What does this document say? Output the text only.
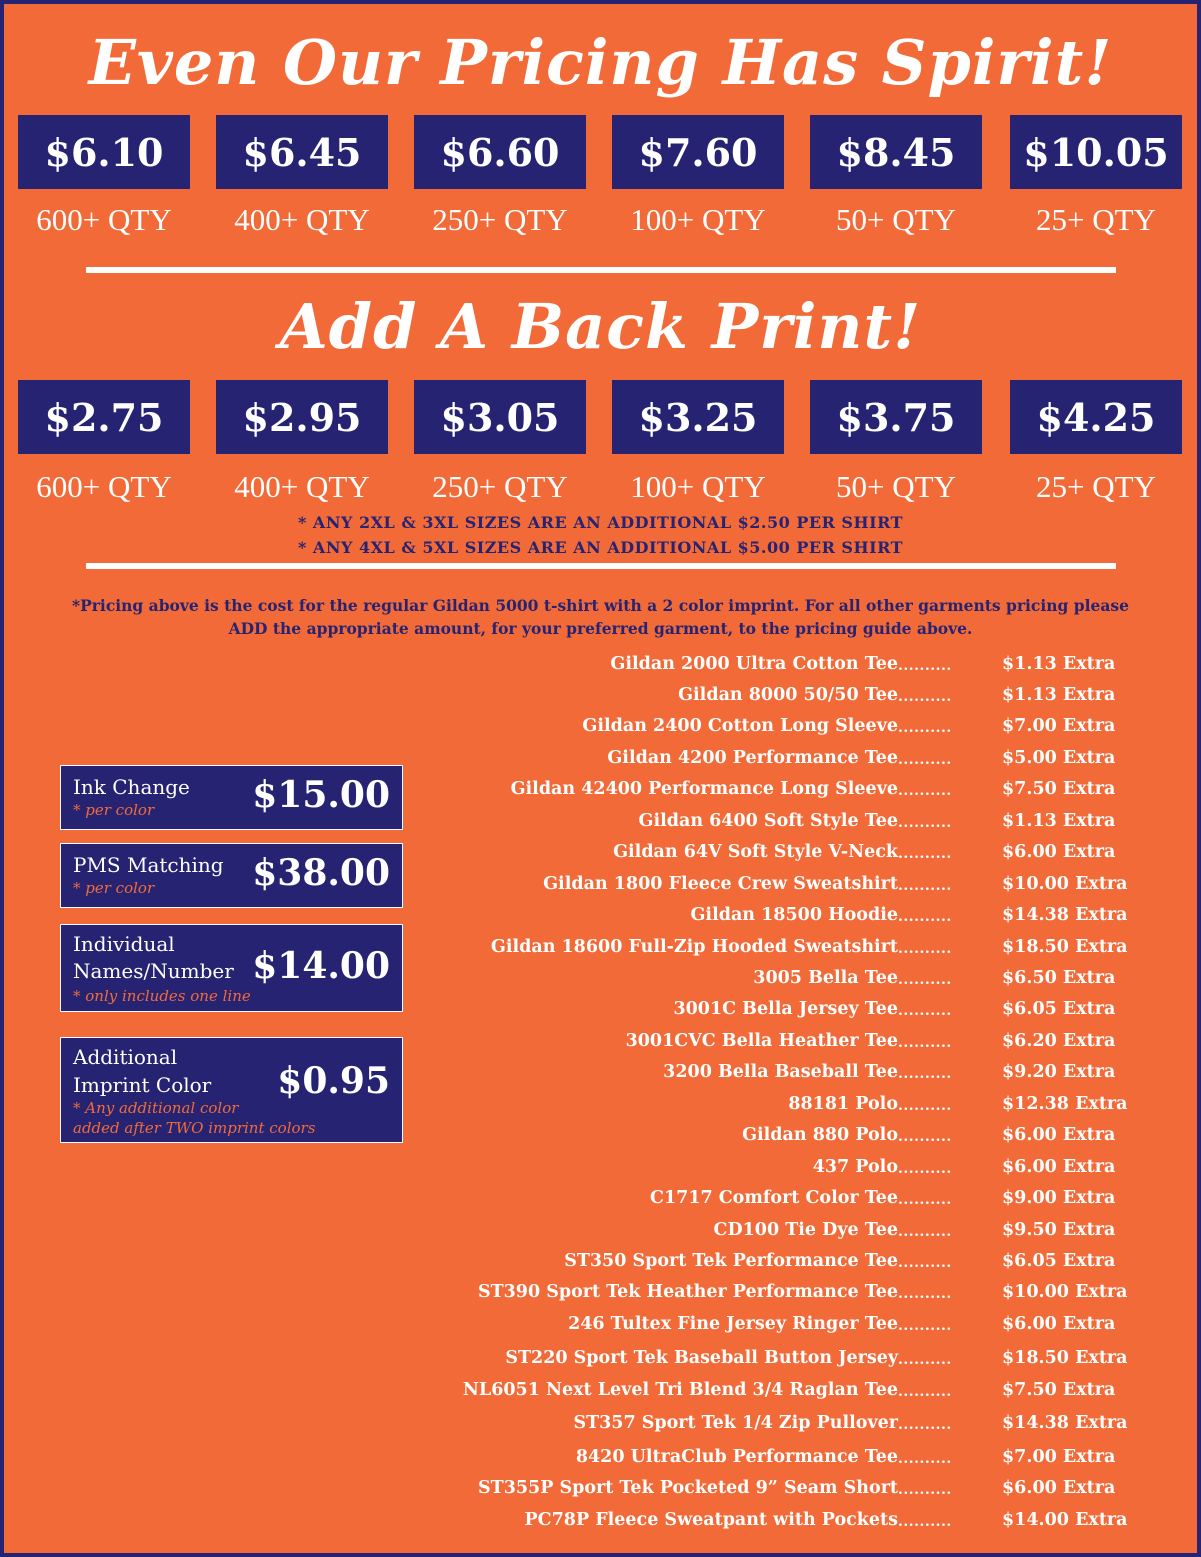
Even Our Pricing Has Spirit!
$6.10	$6.45	$6.60	$7.60	$8.45	$10.05
600+ QTY	400+ QTY	250+ QTY	100+ QTY	50+ QTY	25+ QTY
Add A Back Print!
$2.75	$2.95	$3.05	$3.25	$3.75	$4.25
600+ QTY	400+ QTY	250+ QTY	100+ QTY	50+ QTY	25+ QTY
* ANY 2XL & 3XL SIZES ARE AN ADDITIONAL $2.50 PER SHIRT
* ANY 4XL & 5XL SIZES ARE AN ADDITIONAL $5.00 PER SHIRT
*Pricing above is the cost for the regular Gildan 5000 t-shirt with a 2 color imprint. For all other garments pricing please ADD the appropriate amount, for your preferred garment, to the pricing guide above.
Ink Change
* per color	$15.00
PMS Matching
* per color	$38.00
Individual
Names/Number
* only includes one line
$14.00
Additional
Imprint Color
* Any additional color
added after TWO imprint colors
$0.95
Gildan 2000 Ultra Cotton Tee ..........	$1.13 Extra
Gildan 8000 50/50 Tee ..........	$1.13 Extra
Gildan 2400 Cotton Long Sleeve ..........	$7.00 Extra
Gildan 4200 Performance Tee ..........	$5.00 Extra
Gildan 42400 Performance Long Sleeve ..........	$7.50 Extra
Gildan 6400 Soft Style Tee ..........	$1.13 Extra
Gildan 64V Soft Style V-Neck ..........	$6.00 Extra
Gildan 1800 Fleece Crew Sweatshirt ..........	$10.00 Extra
Gildan 18500 Hoodie ..........	$14.38 Extra
Gildan 18600 Full-Zip Hooded Sweatshirt ..........	$18.50 Extra
3005 Bella Tee ..........	$6.50 Extra
3001C Bella Jersey Tee ..........	$6.05 Extra
3001CVC Bella Heather Tee ..........	$6.20 Extra
3200 Bella Baseball Tee ..........	$9.20 Extra
88181 Polo ..........	$12.38 Extra
Gildan 880 Polo ..........	$6.00 Extra
437 Polo ..........	$6.00 Extra
C1717 Comfort Color Tee ..........	$9.00 Extra
CD100 Tie Dye Tee ..........	$9.50 Extra
ST350 Sport Tek Performance Tee ..........	$6.05 Extra
ST390 Sport Tek Heather Performance Tee ..........	$10.00 Extra
246 Tultex Fine Jersey Ringer Tee ..........	$6.00 Extra
ST220 Sport Tek Baseball Button Jersey ..........	$18.50 Extra
NL6051 Next Level Tri Blend 3/4 Raglan Tee ..........	$7.50 Extra
ST357 Sport Tek 1/4 Zip Pullover ..........	$14.38 Extra
8420 UltraClub Performance Tee ..........	$7.00 Extra
ST355P Sport Tek Pocketed 9” Seam Short ..........	$6.00 Extra
PC78P Fleece Sweatpant with Pockets ..........	$14.00 Extra
